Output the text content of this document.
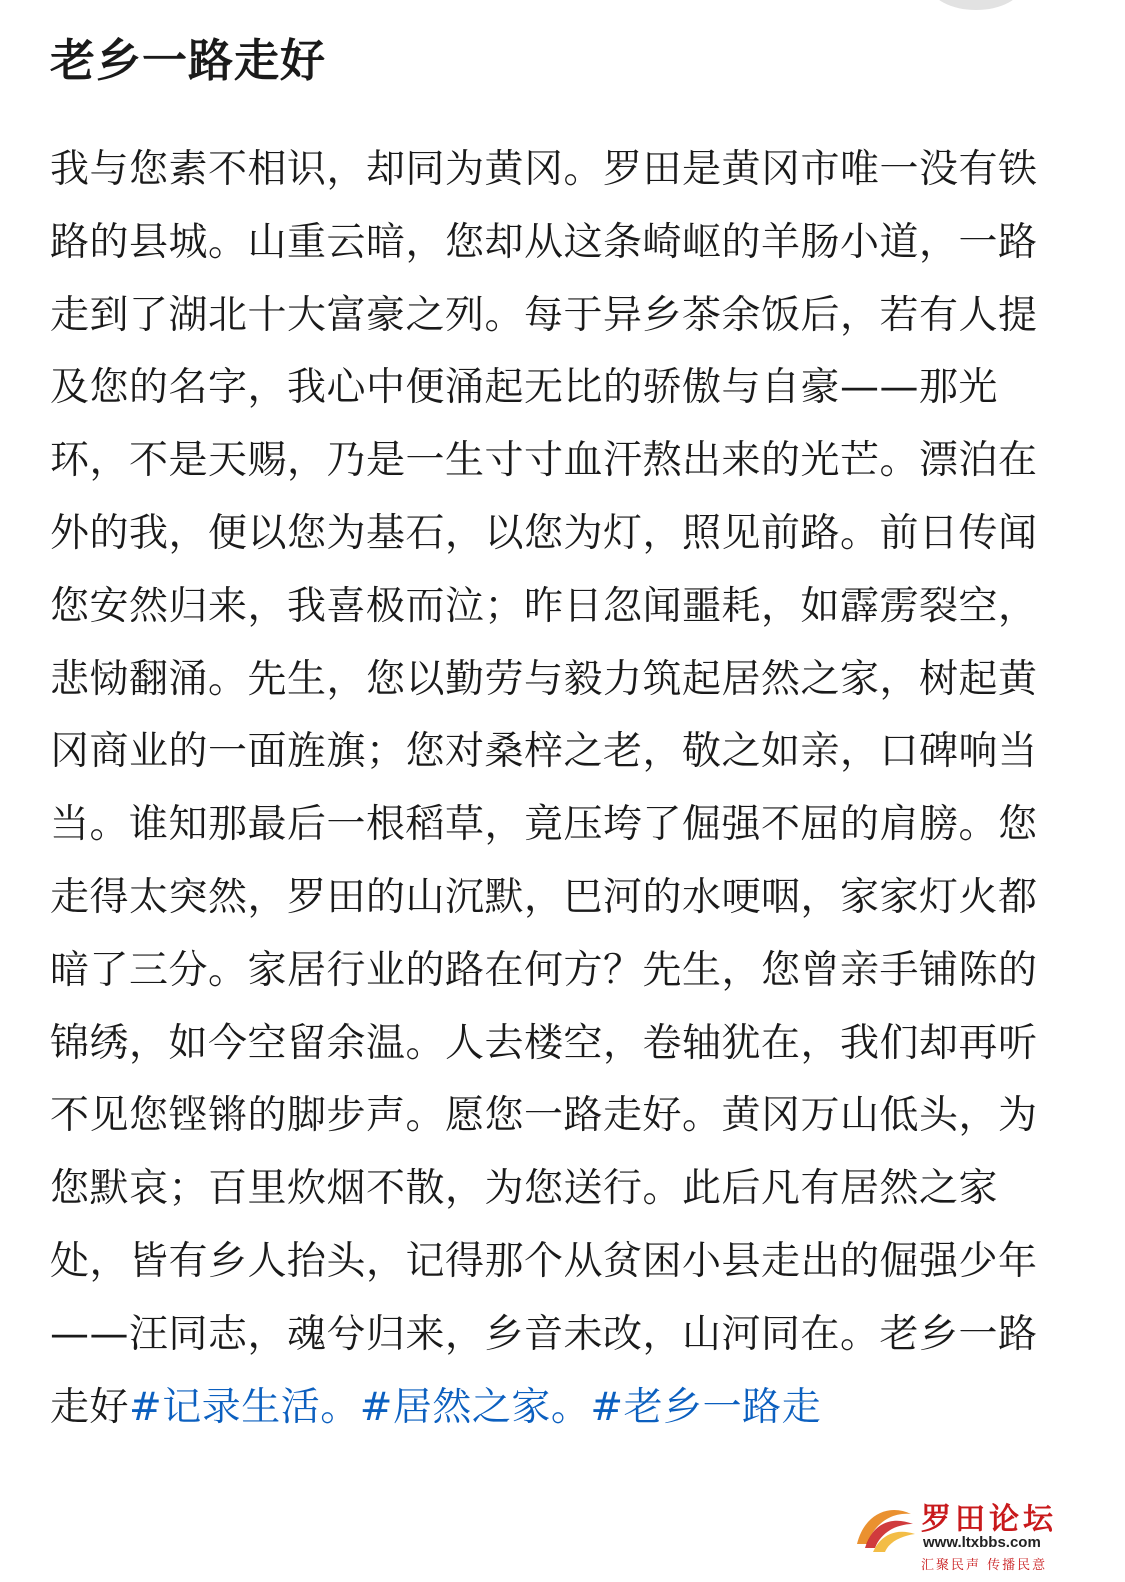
老乡一路走好
我与您素不相识，却同为黄冈。罗田是黄冈市唯一没有铁路的县城。山重云暗，您却从这条崎岖的羊肠小道，一路走到了湖北十大富豪之列。每于异乡茶余饭后，若有人提及您的名字，我心中便涌起无比的骄傲与自豪——那光环，不是天赐，乃是一生寸寸血汗熬出来的光芒。漂泊在外的我，便以您为基石，以您为灯，照见前路。前日传闻您安然归来，我喜极而泣；昨日忽闻噩耗，如霹雳裂空，悲恸翻涌。先生，您以勤劳与毅力筑起居然之家，树起黄冈商业的一面旌旗；您对桑梓之老，敬之如亲，口碑响当当。谁知那最后一根稻草，竟压垮了倔强不屈的肩膀。您走得太突然，罗田的山沉默，巴河的水哽咽，家家灯火都暗了三分。家居行业的路在何方？先生，您曾亲手铺陈的锦绣，如今空留余温。人去楼空，卷轴犹在，我们却再听不见您铿锵的脚步声。愿您一路走好。黄冈万山低头，为您默哀；百里炊烟不散，为您送行。此后凡有居然之家处，皆有乡人抬头，记得那个从贫困小县走出的倔强少年——汪同志，魂兮归来，乡音未改，山河同在。老乡一路走好#记录生活。#居然之家。#老乡一路走
罗田论坛
www.ltxbbs.com
汇聚民声 传播民意
